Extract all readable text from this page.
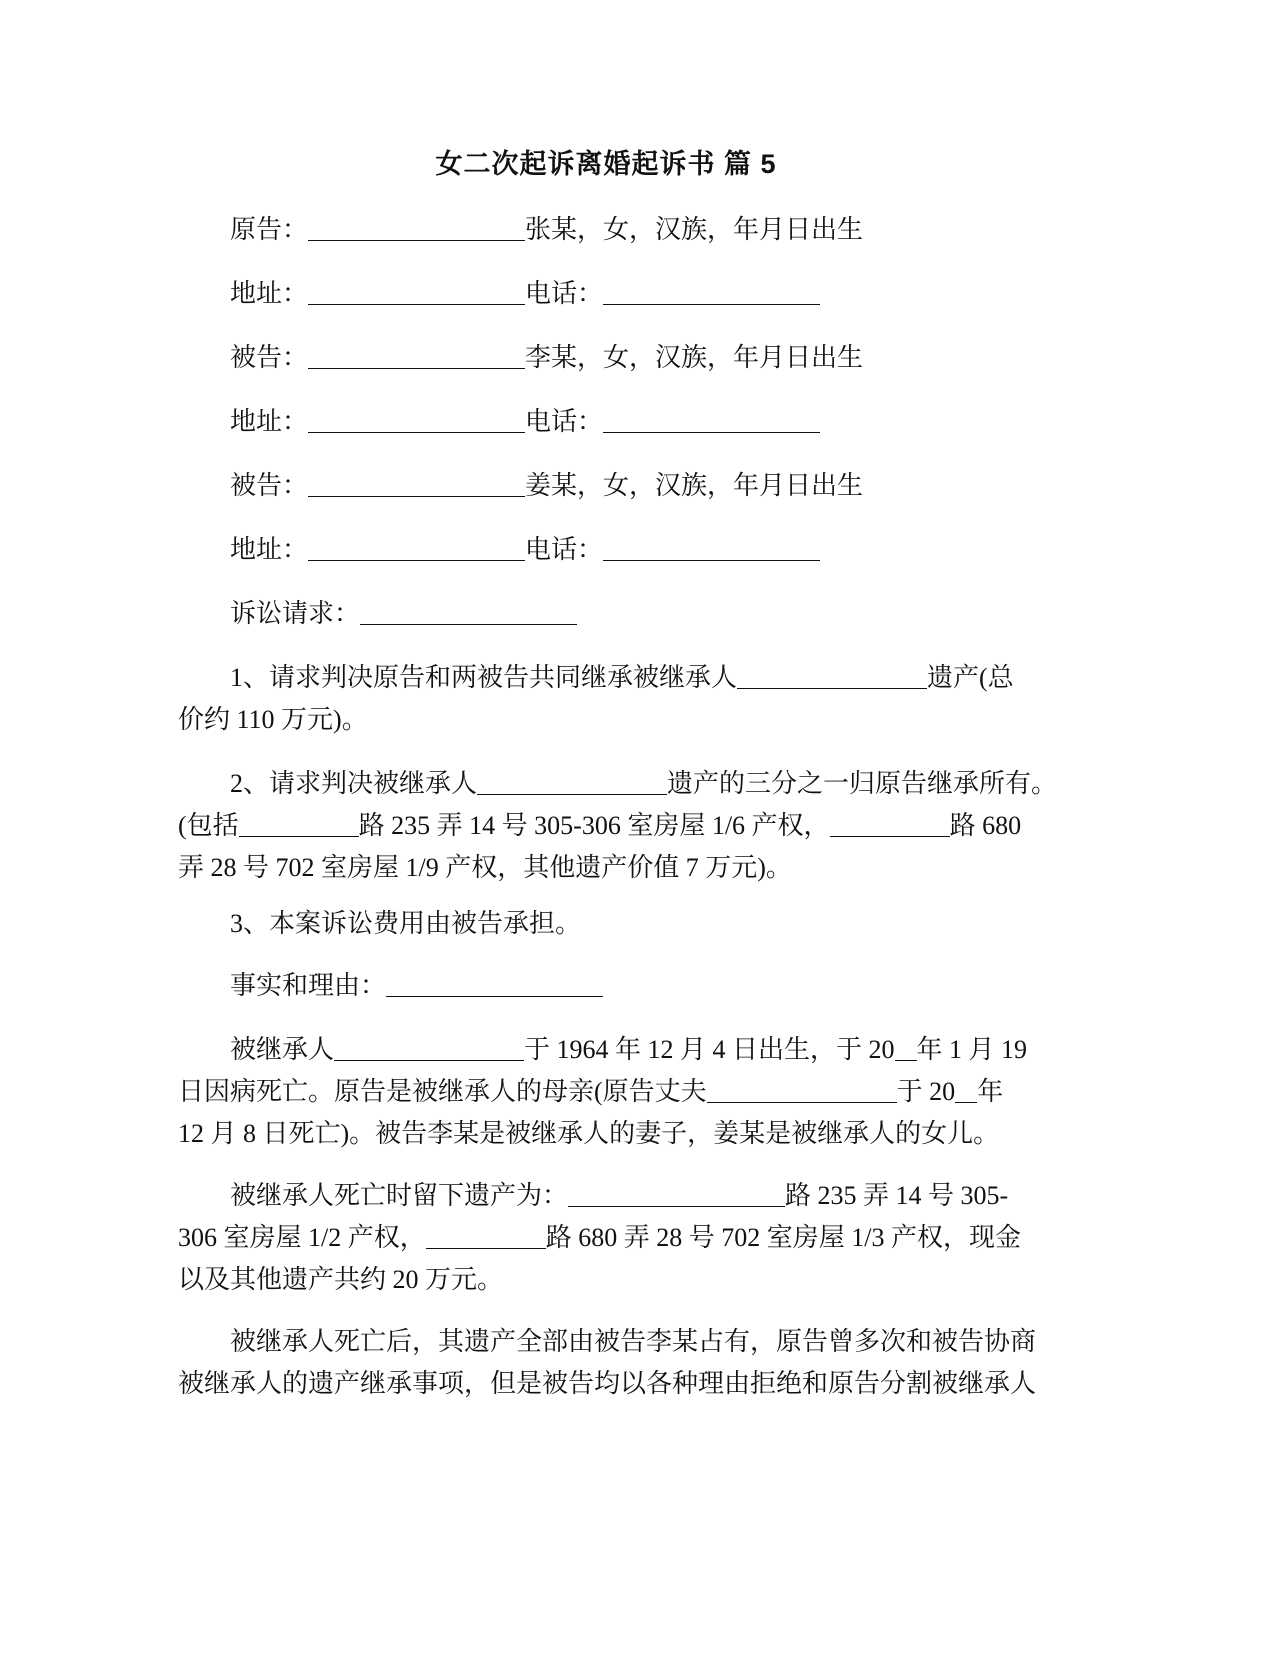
女二次起诉离婚起诉书 篇 5
原告：	张某，女，汉族，年月日出生
地址：	电话：
被告：	李某，女，汉族，年月日出生
地址：	电话：
被告：	姜某，女，汉族，年月日出生
地址：	电话：
诉讼请求：
1、请求判决原告和两被告共同继承被继承人	遗产(总
价约 110 万元)。
2、请求判决被继承人	遗产的三分之一归原告继承所有。
(包括	路 235 弄 14 号 305-306 室房屋 1/6 产权，	路 680
弄 28 号 702 室房屋 1/9 产权，其他遗产价值 7 万元)。
3、本案诉讼费用由被告承担。
事实和理由：
被继承人	于 1964 年 12 月 4 日出生，于 20 年 1 月 19
日因病死亡。原告是被继承人的母亲(原告丈夫	于 20 年
12 月 8 日死亡)。被告李某是被继承人的妻子，姜某是被继承人的女儿。
被继承人死亡时留下遗产为：	路 235 弄 14 号 305-
306 室房屋 1/2 产权，	路 680 弄 28 号 702 室房屋 1/3 产权，现金
以及其他遗产共约 20 万元。
被继承人死亡后，其遗产全部由被告李某占有，原告曾多次和被告协商
被继承人的遗产继承事项，但是被告均以各种理由拒绝和原告分割被继承人
